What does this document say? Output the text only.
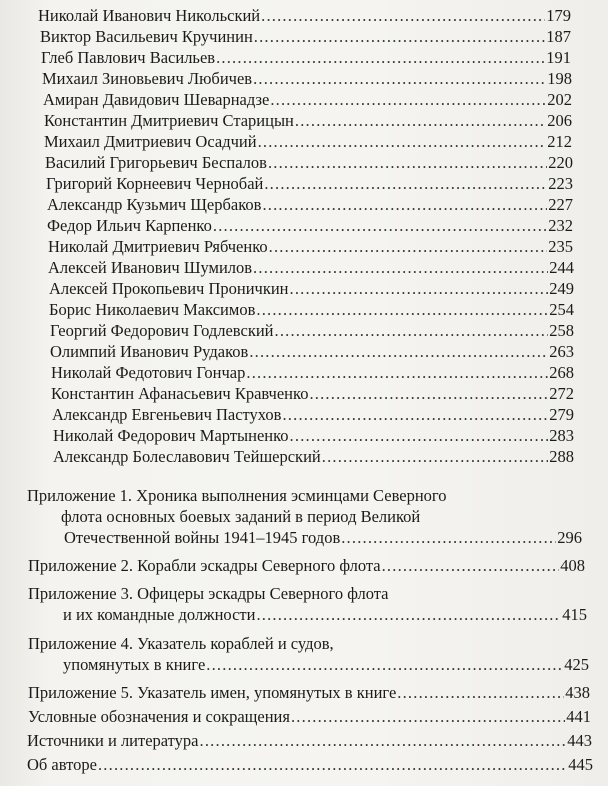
Николай Иванович Никольский .....	179
Виктор Васильевич Кручинин .....	187
Глеб Павлович Васильев .....	191
Михаил Зиновьевич Любичев .....	198
Амиран Давидович Шеварнадзе .....	202
Константин Дмитриевич Старицын .....	206
Михаил Дмитриевич Осадчий .....	212
Василий Григорьевич Беспалов .....	220
Григорий Корнеевич Чернобай .....	223
Александр Кузьмич Щербаков .....	227
Федор Ильич Карпенко .....	232
Николай Дмитриевич Рябченко .....	235
Алексей Иванович Шумилов .....	244
Алексей Прокопьевич Проничкин .....	249
Борис Николаевич Максимов .....	254
Георгий Федорович Годлевский .....	258
Олимпий Иванович Рудаков .....	263
Николай Федотович Гончар .....	268
Константин Афанасьевич Кравченко .....	272
Александр Евгеньевич Пастухов .....	279
Николай Федорович Мартыненко .....	283
Александр Болеславович Тейшерский .....	288
Приложение 1. Хроника выполнения эсминцами Северного
флота основных боевых заданий в период Великой
Отечественной войны 1941–1945 годов .....	296
Приложение 2. Корабли эскадры Северного флота .....	408
Приложение 3. Офицеры эскадры Северного флота
и их командные должности .....	415
Приложение 4. Указатель кораблей и судов,
упомянутых в книге .....	425
Приложение 5. Указатель имен, упомянутых в книге .....	438
Условные обозначения и сокращения .....	441
Источники и литература .....	443
Об авторе .....	445
